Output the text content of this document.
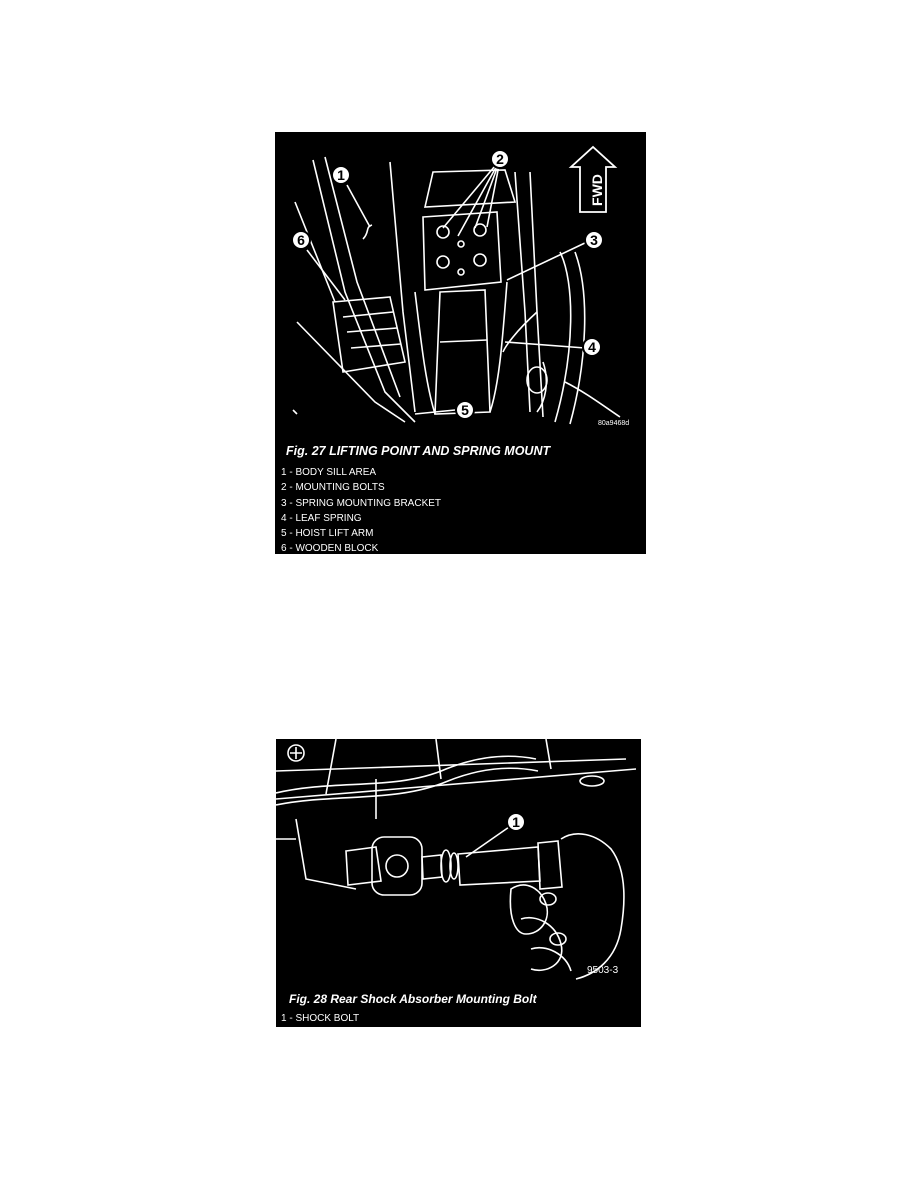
1
2
3
4
5
6
FWD
80a9468d
Fig. 27 LIFTING POINT AND SPRING MOUNT
1 - BODY SILL AREA
2 - MOUNTING BOLTS
3 - SPRING MOUNTING BRACKET
4 - LEAF SPRING
5 - HOIST LIFT ARM
6 - WOODEN BLOCK
1
9503-3
Fig. 28 Rear Shock Absorber Mounting Bolt
1 - SHOCK BOLT
